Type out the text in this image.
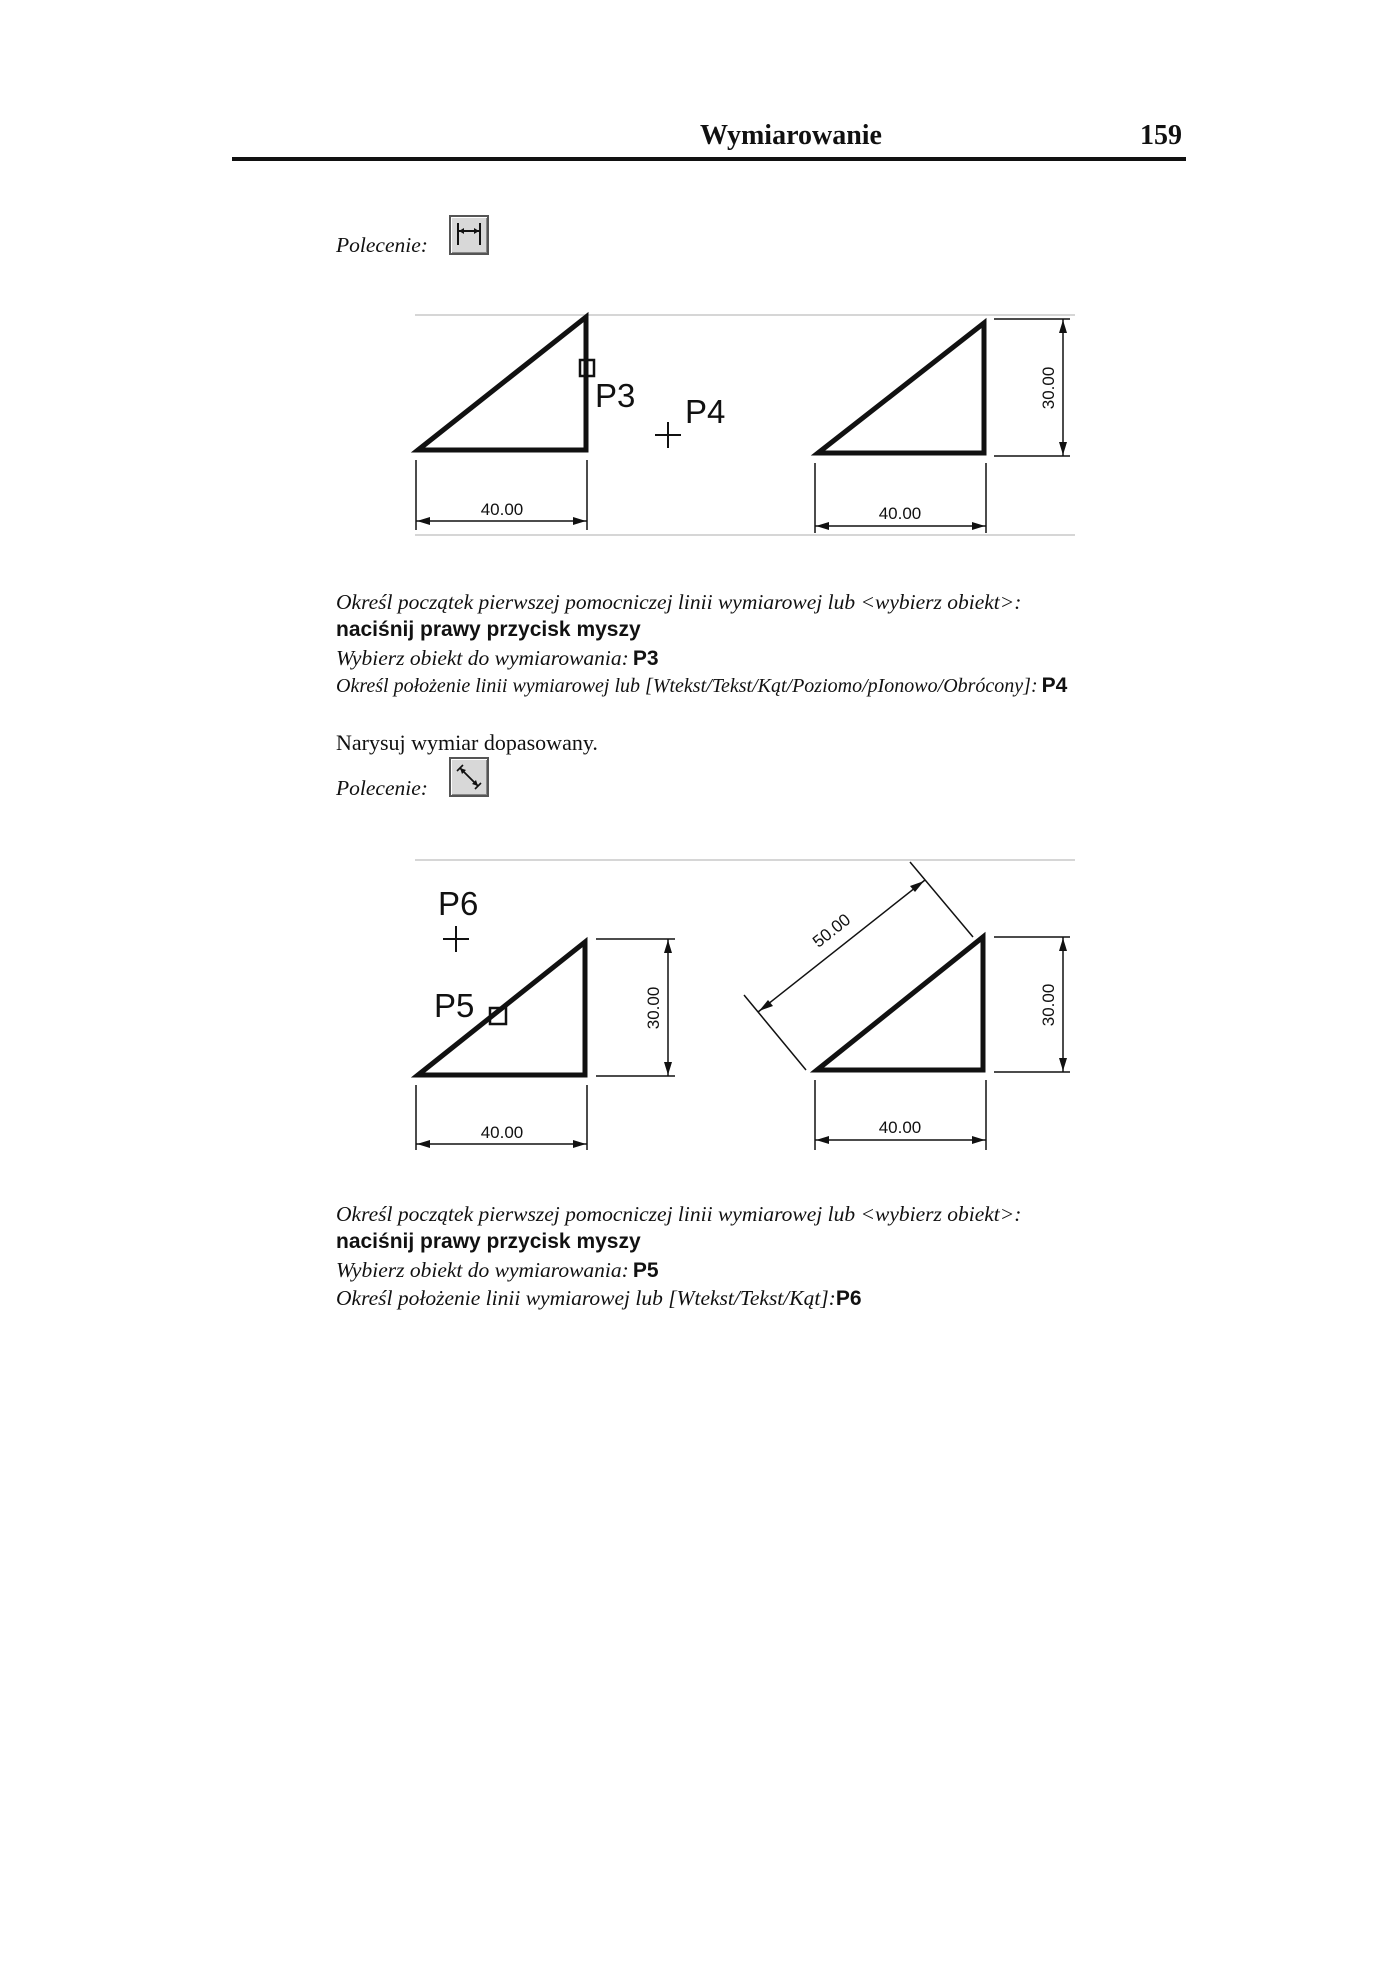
Wymiarowanie	159
Polecenie:
P3 P4
40.00	40.00
30.00
Określ początek pierwszej pomocniczej linii wymiarowej lub <wybierz obiekt>:
naciśnij prawy przycisk myszy
Wybierz obiekt do wymiarowania: P3
Określ położenie linii wymiarowej lub [Wtekst/Tekst/Kąt/Poziomo/pIonowo/Obrócony]: P4
Narysuj wymiar dopasowany.
Polecenie:
P6
P5
40.00
30.00
50.00
40.00
30.00
Określ początek pierwszej pomocniczej linii wymiarowej lub <wybierz obiekt>:
naciśnij prawy przycisk myszy
Wybierz obiekt do wymiarowania: P5
Określ położenie linii wymiarowej lub [Wtekst/Tekst/Kąt]:P6
